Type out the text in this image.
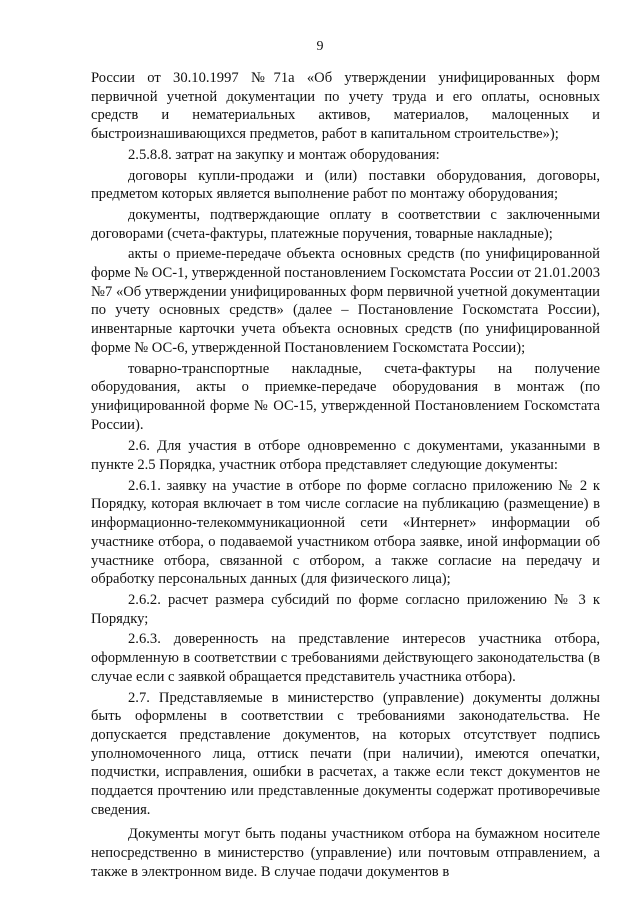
9

России от 30.10.1997 №71а «Об утверждении унифицированных форм первичной учетной документации по учету труда и его оплаты, основных средств и нематериальных активов, материалов, малоценных и быстроизнашивающихся предметов, работ в капитальном строительстве»);

2.5.8.8. затрат на закупку и монтаж оборудования:

договоры купли-продажи и (или) поставки оборудования, договоры, предметом которых является выполнение работ по монтажу оборудования;

документы, подтверждающие оплату в соответствии с заключенными договорами (счета-фактуры, платежные поручения, товарные накладные);

акты о приеме-передаче объекта основных средств (по унифицированной форме № ОС-1, утвержденной постановлением Госкомстата России от 21.01.2003 №7 «Об утверждении унифицированных форм первичной учетной документации по учету основных средств» (далее – Постановление Госкомстата России), инвентарные карточки учета объекта основных средств (по унифицированной форме № ОС-6, утвержденной Постановлением Госкомстата России);

товарно-транспортные накладные, счета-фактуры на получение оборудования, акты о приемке-передаче оборудования в монтаж (по унифицированной форме № ОС-15, утвержденной Постановлением Госкомстата России).

2.6. Для участия в отборе одновременно с документами, указанными в пункте 2.5 Порядка, участник отбора представляет следующие документы:

2.6.1. заявку на участие в отборе по форме согласно приложению № 2 к Порядку, которая включает в том числе согласие на публикацию (размещение) в информационно-телекоммуникационной сети «Интернет» информации об участнике отбора, о подаваемой участником отбора заявке, иной информации об участнике отбора, связанной с отбором, а также согласие на передачу и обработку персональных данных (для физического лица);

2.6.2. расчет размера субсидий по форме согласно приложению № 3 к Порядку;

2.6.3. доверенность на представление интересов участника отбора, оформленную в соответствии с требованиями действующего законодательства (в случае если с заявкой обращается представитель участника отбора).

2.7. Представляемые в министерство (управление) документы должны быть оформлены в соответствии с требованиями законодательства. Не допускается представление документов, на которых отсутствует подпись уполномоченного лица, оттиск печати (при наличии), имеются опечатки, подчистки, исправления, ошибки в расчетах, а также если текст документов не поддается прочтению или представленные документы содержат противоречивые сведения.

Документы могут быть поданы участником отбора на бумажном носителе непосредственно в министерство (управление) или почтовым отправлением, а также в электронном виде. В случае подачи документов в
